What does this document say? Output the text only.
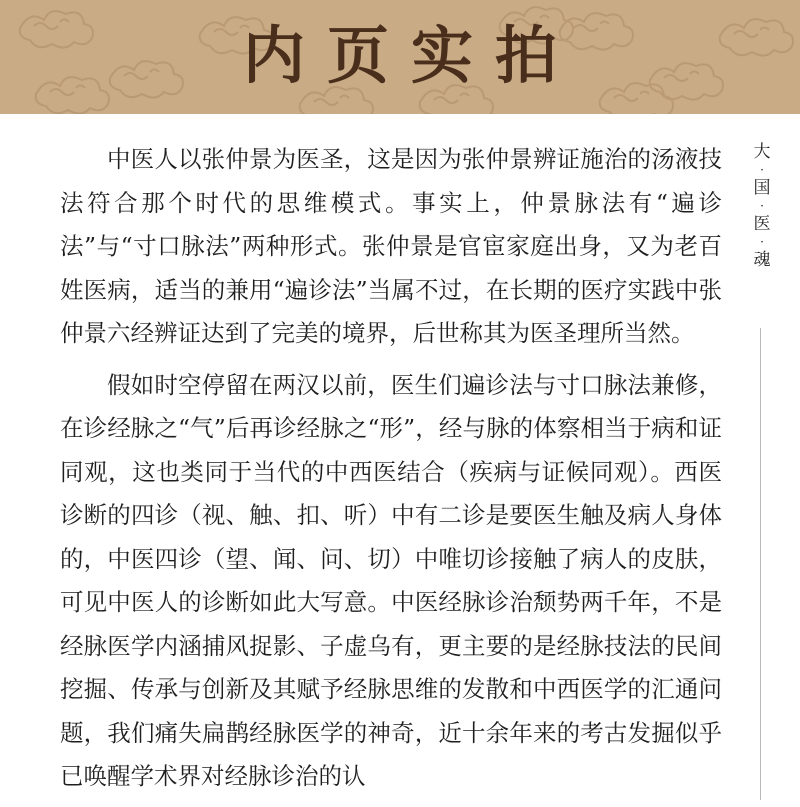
内页实拍
大
·
国
·
医
·
魂

中医人以张仲景为医圣，这是因为张仲景辨证施治的汤液技法符合那个时代的思维模式。事实上，仲景脉法有“遍诊法”与“寸口脉法”两种形式。张仲景是官宦家庭出身，又为老百姓医病，适当的兼用“遍诊法”当属不过，在长期的医疗实践中张仲景六经辨证达到了完美的境界，后世称其为医圣理所当然。

假如时空停留在两汉以前，医生们遍诊法与寸口脉法兼修，在诊经脉之“气”后再诊经脉之“形”，经与脉的体察相当于病和证同观，这也类同于当代的中西医结合（疾病与证候同观）。西医诊断的四诊（视、触、扣、听）中有二诊是要医生触及病人身体的，中医四诊（望、闻、问、切）中唯切诊接触了病人的皮肤，可见中医人的诊断如此大写意。中医经脉诊治颓势两千年，不是经脉医学内涵捕风捉影、子虚乌有，更主要的是经脉技法的民间挖掘、传承与创新及其赋予经脉思维的发散和中西医学的汇通问题，我们痛失扁鹊经脉医学的神奇，近十余年来的考古发掘似乎已唤醒学术界对经脉诊治的认
